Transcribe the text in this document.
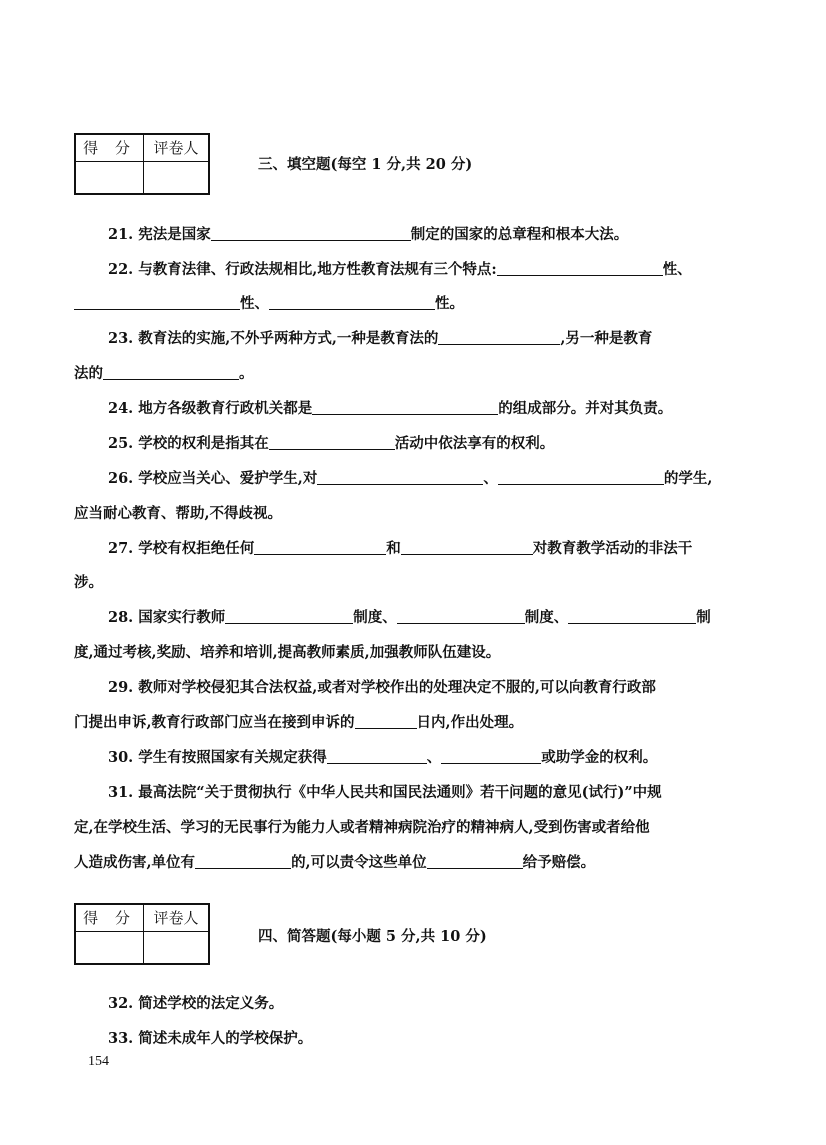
得 分	评卷人
三、填空题(每空 1 分,共 20 分)
21. 宪法是国家	制定的国家的总章程和根本大法。
22. 与教育法律、行政法规相比,地方性教育法规有三个特点:	性、
性、	性。
23. 教育法的实施,不外乎两种方式,一种是教育法的	,另一种是教育
法的	。
24. 地方各级教育行政机关都是	的组成部分。并对其负责。
25. 学校的权利是指其在	活动中依法享有的权利。
26. 学校应当关心、爱护学生,对	、	的学生,
应当耐心教育、帮助,不得歧视。
27. 学校有权拒绝任何	和	对教育教学活动的非法干
涉。
28. 国家实行教师	制度、	制度、	制
度,通过考核,奖励、培养和培训,提高教师素质,加强教师队伍建设。
29. 教师对学校侵犯其合法权益,或者对学校作出的处理决定不服的,可以向教育行政部
门提出申诉,教育行政部门应当在接到申诉的	日内,作出处理。
30. 学生有按照国家有关规定获得	、	或助学金的权利。
31. 最高法院“关于贯彻执行《中华人民共和国民法通则》若干问题的意见(试行)”中规
定,在学校生活、学习的无民事行为能力人或者精神病院治疗的精神病人,受到伤害或者给他
人造成伤害,单位有	的,可以责令这些单位	给予赔偿。
得 分	评卷人
四、简答题(每小题 5 分,共 10 分)
32. 简述学校的法定义务。
33. 简述未成年人的学校保护。
154
